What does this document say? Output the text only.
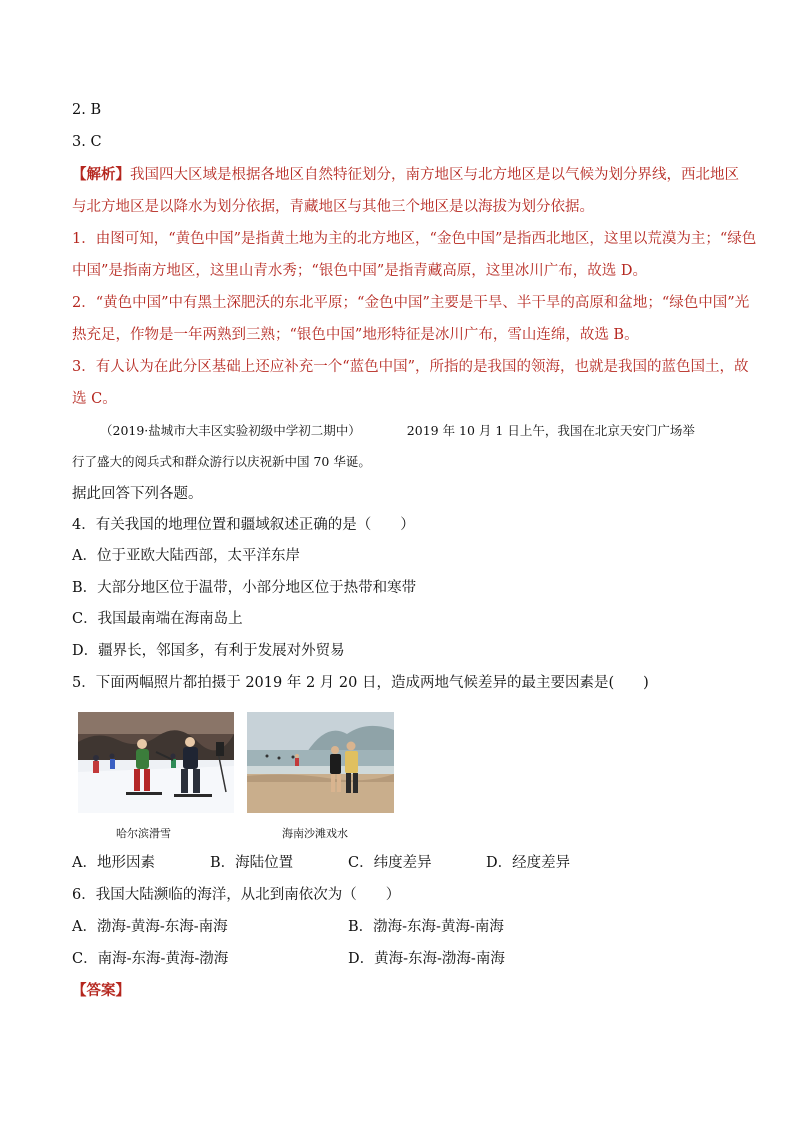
2. B
3. C
【解析】我国四大区域是根据各地区自然特征划分，南方地区与北方地区是以气候为划分界线，西北地区
与北方地区是以降水为划分依据，青藏地区与其他三个地区是以海拔为划分依据。
1．由图可知，“黄色中国”是指黄土地为主的北方地区，“金色中国”是指西北地区，这里以荒漠为主；“绿色
中国”是指南方地区，这里山青水秀；“银色中国”是指青藏高原，这里冰川广布，故选 D。
2．“黄色中国”中有黑土深肥沃的东北平原；“金色中国”主要是干旱、半干旱的高原和盆地；“绿色中国”光
热充足，作物是一年两熟到三熟；“银色中国”地形特征是冰川广布，雪山连绵，故选 B。
3．有人认为在此分区基础上还应补充一个“蓝色中国”，所指的是我国的领海，也就是我国的蓝色国土，故
选 C。
（2019·盐城市大丰区实验初级中学初二期中）	2019 年 10 月 1 日上午，我国在北京天安门广场举
行了盛大的阅兵式和群众游行以庆祝新中国 70 华诞。
据此回答下列各题。
4．有关我国的地理位置和疆域叙述正确的是（　　）
A．位于亚欧大陆西部，太平洋东岸
B．大部分地区位于温带，小部分地区位于热带和寒带
C．我国最南端在海南岛上
D．疆界长，邻国多，有利于发展对外贸易
5．下面两幅照片都拍摄于 2019 年 2 月 20 日，造成两地气候差异的最主要因素是(　　)
哈尔滨滑雪	海南沙滩戏水
A．地形因素	B．海陆位置	C．纬度差异	D．经度差异
6．我国大陆濒临的海洋，从北到南依次为（　　）
A．渤海-黄海-东海-南海	B．渤海-东海-黄海-南海
C．南海-东海-黄海-渤海	D．黄海-东海-渤海-南海
【答案】
